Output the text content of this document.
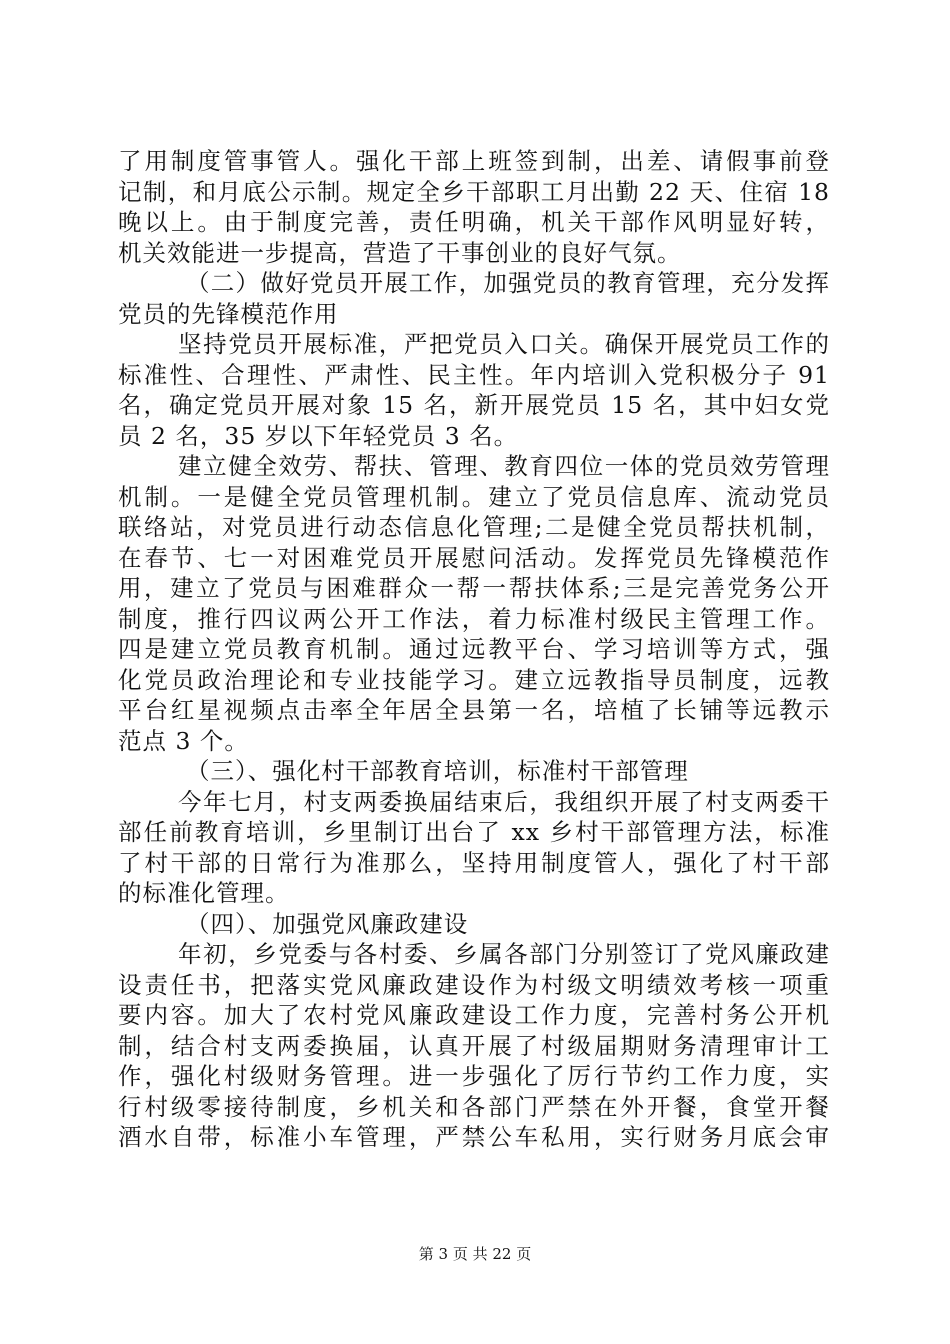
了用制度管事管人。强化干部上班签到制，出差、请假事前登
记制，和月底公示制。规定全乡干部职工月出勤 22 天、住宿 18
晚以上。由于制度完善，责任明确，机关干部作风明显好转，
机关效能进一步提高，营造了干事创业的良好气氛。
（二）做好党员开展工作，加强党员的教育管理，充分发挥
党员的先锋模范作用
坚持党员开展标准，严把党员入口关。确保开展党员工作的
标准性、合理性、严肃性、民主性。年内培训入党积极分子 91
名，确定党员开展对象 15 名，新开展党员 15 名，其中妇女党
员 2 名，35 岁以下年轻党员 3 名。
建立健全效劳、帮扶、管理、教育四位一体的党员效劳管理
机制。一是健全党员管理机制。建立了党员信息库、流动党员
联络站，对党员进行动态信息化管理;二是健全党员帮扶机制，
在春节、七一对困难党员开展慰问活动。发挥党员先锋模范作
用，建立了党员与困难群众一帮一帮扶体系;三是完善党务公开
制度，推行四议两公开工作法，着力标准村级民主管理工作。
四是建立党员教育机制。通过远教平台、学习培训等方式，强
化党员政治理论和专业技能学习。建立远教指导员制度，远教
平台红星视频点击率全年居全县第一名，培植了长铺等远教示
范点 3 个。
（三）、强化村干部教育培训，标准村干部管理
今年七月，村支两委换届结束后，我组织开展了村支两委干
部任前教育培训，乡里制订出台了 xx 乡村干部管理方法，标准
了村干部的日常行为准那么，坚持用制度管人，强化了村干部
的标准化管理。
（四）、加强党风廉政建设
年初，乡党委与各村委、乡属各部门分别签订了党风廉政建
设责任书，把落实党风廉政建设作为村级文明绩效考核一项重
要内容。加大了农村党风廉政建设工作力度，完善村务公开机
制，结合村支两委换届，认真开展了村级届期财务清理审计工
作，强化村级财务管理。进一步强化了厉行节约工作力度，实
行村级零接待制度，乡机关和各部门严禁在外开餐，食堂开餐
酒水自带，标准小车管理，严禁公车私用，实行财务月底会审
第 3 页 共 22 页
